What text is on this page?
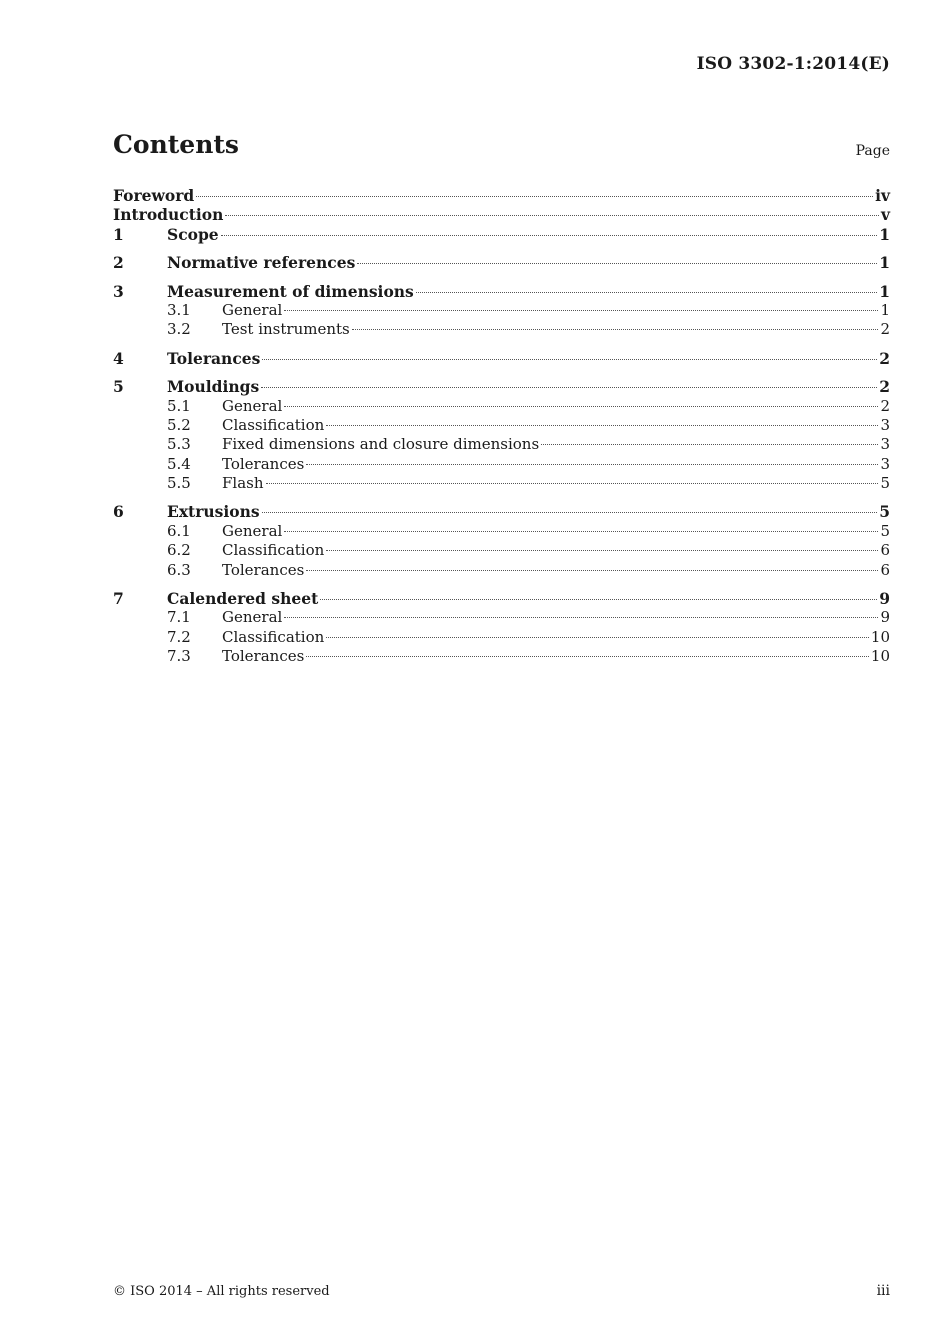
ISO 3302-1:2014(E)
Contents	Page
Foreword	iv
Introduction	v
1	Scope	1
2	Normative references	1
3	Measurement of dimensions	1
3.1	General	1
3.2	Test instruments	2
4	Tolerances	2
5	Mouldings	2
5.1	General	2
5.2	Classification	3
5.3	Fixed dimensions and closure dimensions	3
5.4	Tolerances	3
5.5	Flash	5
6	Extrusions	5
6.1	General	5
6.2	Classification	6
6.3	Tolerances	6
7	Calendered sheet	9
7.1	General	9
7.2	Classification	10
7.3	Tolerances	10
© ISO 2014 – All rights reserved	iii
